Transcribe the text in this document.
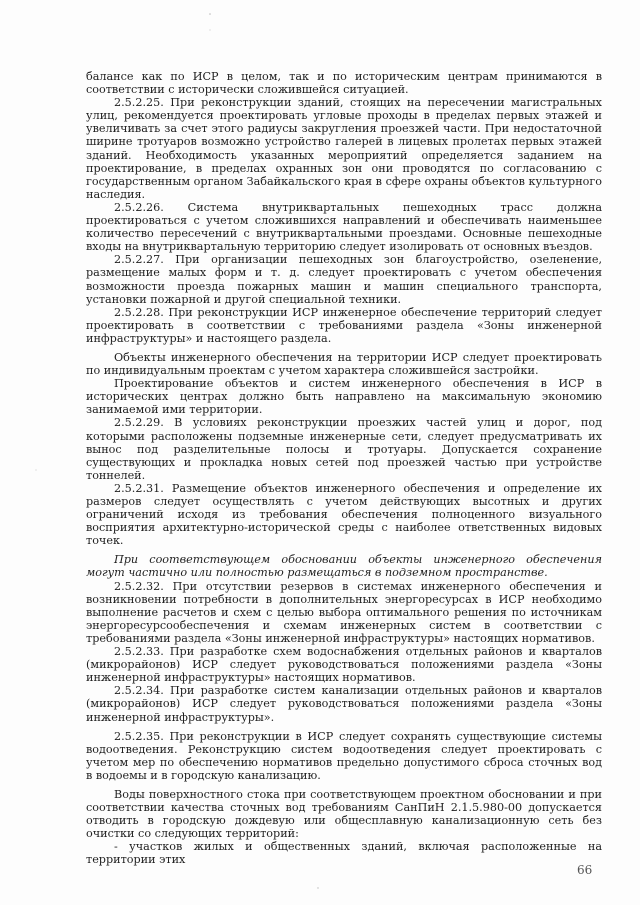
балансе как по ИСР в целом, так и по историческим центрам принимаются в соответствии с исторически сложившейся ситуацией.

2.5.2.25. При реконструкции зданий, стоящих на пересечении магистральных улиц, рекомендуется проектировать угловые проходы в пределах первых этажей и увеличивать за счет этого радиусы закругления проезжей части. При недостаточной ширине тротуаров возможно устройство галерей в лицевых пролетах первых этажей зданий. Необходимость указанных мероприятий определяется заданием на проектирование, в пределах охранных зон они проводятся по согласованию с государственным органом Забайкальского края в сфере охраны объектов культурного наследия.

2.5.2.26. Система внутриквартальных пешеходных трасс должна проектироваться с учетом сложившихся направлений и обеспечивать наименьшее количество пересечений с внутриквартальными проездами. Основные пешеходные входы на внутриквартальную территорию следует изолировать от основных въездов.

2.5.2.27. При организации пешеходных зон благоустройство, озеленение, размещение малых форм и т. д. следует проектировать с учетом обеспечения возможности проезда пожарных машин и машин специального транспорта, установки пожарной и другой специальной техники.

2.5.2.28. При реконструкции ИСР инженерное обеспечение территорий следует проектировать в соответствии с требованиями раздела «Зоны инженерной инфраструктуры» и настоящего раздела.

Объекты инженерного обеспечения на территории ИСР следует проектировать по индивидуальным проектам с учетом характера сложившейся застройки.

Проектирование объектов и систем инженерного обеспечения в ИСР в исторических центрах должно быть направлено на максимальную экономию занимаемой ими территории.

2.5.2.29. В условиях реконструкции проезжих частей улиц и дорог, под которыми расположены подземные инженерные сети, следует предусматривать их вынос под разделительные полосы и тротуары. Допускается сохранение существующих и прокладка новых сетей под проезжей частью при устройстве тоннелей.

2.5.2.31. Размещение объектов инженерного обеспечения и определение их размеров следует осуществлять с учетом действующих высотных и других ограничений исходя из требования обеспечения полноценного визуального восприятия архитектурно-исторической среды с наиболее ответственных видовых точек.

При соответствующем обосновании объекты инженерного обеспечения могут частично или полностью размещаться в подземном пространстве.

2.5.2.32. При отсутствии резервов в системах инженерного обеспечения и возникновении потребности в дополнительных энергоресурсах в ИСР необходимо выполнение расчетов и схем с целью выбора оптимального решения по источникам энергоресурсообеспечения и схемам инженерных систем в соответствии с требованиями раздела «Зоны инженерной инфраструктуры» настоящих нормативов.

2.5.2.33. При разработке схем водоснабжения отдельных районов и кварталов (микрорайонов) ИСР следует руководствоваться положениями раздела «Зоны инженерной инфраструктуры» настоящих нормативов.

2.5.2.34. При разработке систем канализации отдельных районов и кварталов (микрорайонов) ИСР следует руководствоваться положениями раздела «Зоны инженерной инфраструктуры».

2.5.2.35. При реконструкции в ИСР следует сохранять существующие системы водоотведения. Реконструкцию систем водоотведения следует проектировать с учетом мер по обеспечению нормативов предельно допустимого сброса сточных вод в водоемы и в городскую канализацию.

Воды поверхностного стока при соответствующем проектном обосновании и при соответствии качества сточных вод требованиям СанПиН 2.1.5.980-00 допускается отводить в городскую дождевую или общесплавную канализационную сеть без очистки со следующих территорий:

- участков жилых и общественных зданий, включая расположенные на территории этих

66
